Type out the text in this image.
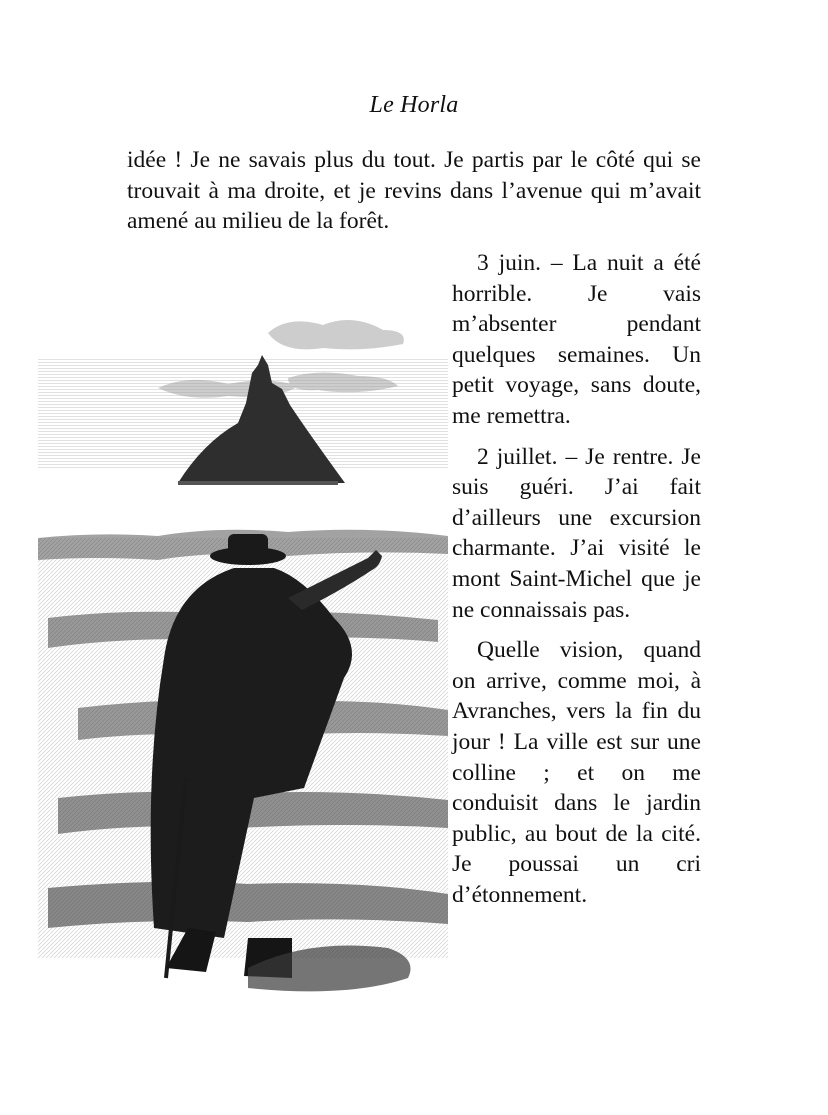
Le Horla

idée ! Je ne savais plus du tout. Je partis par le côté qui se trouvait à ma droite, et je revins dans l’avenue qui m’avait amené au milieu de la forêt.

3 juin. – La nuit a été horrible. Je vais m’absenter pendant quelques semaines. Un petit voyage, sans doute, me remettra.

2 juillet. – Je rentre. Je suis guéri. J’ai fait d’ailleurs une excursion charmante. J’ai visité le mont Saint-Michel que je ne connaissais pas.

Quelle vision, quand on arrive, comme moi, à Avranches, vers la fin du jour ! La ville est sur une colline ; et on me conduisit dans le jardin public, au bout de la cité. Je poussai un cri d’étonnement.
